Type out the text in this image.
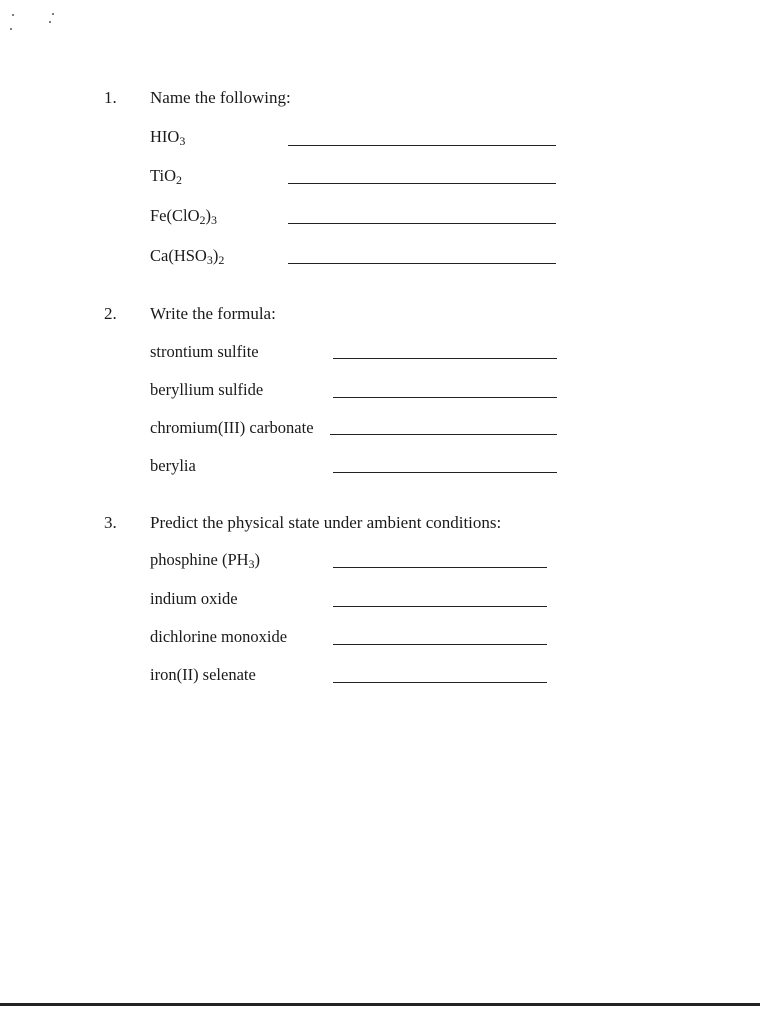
1. Name the following:
$HIO_3$
TiO$_2$
$Fe(ClO_2)_3$
$Ca(HSO_3)_2$
2. Write the formula:
strontium sulfite
beryllium sulfide
chromium(III) carbonate
berylia
3. Predict the physical state under ambient conditions:
phosphine $(PH_3)$
indium oxide
dichlorine monoxide
iron(II) selenate
